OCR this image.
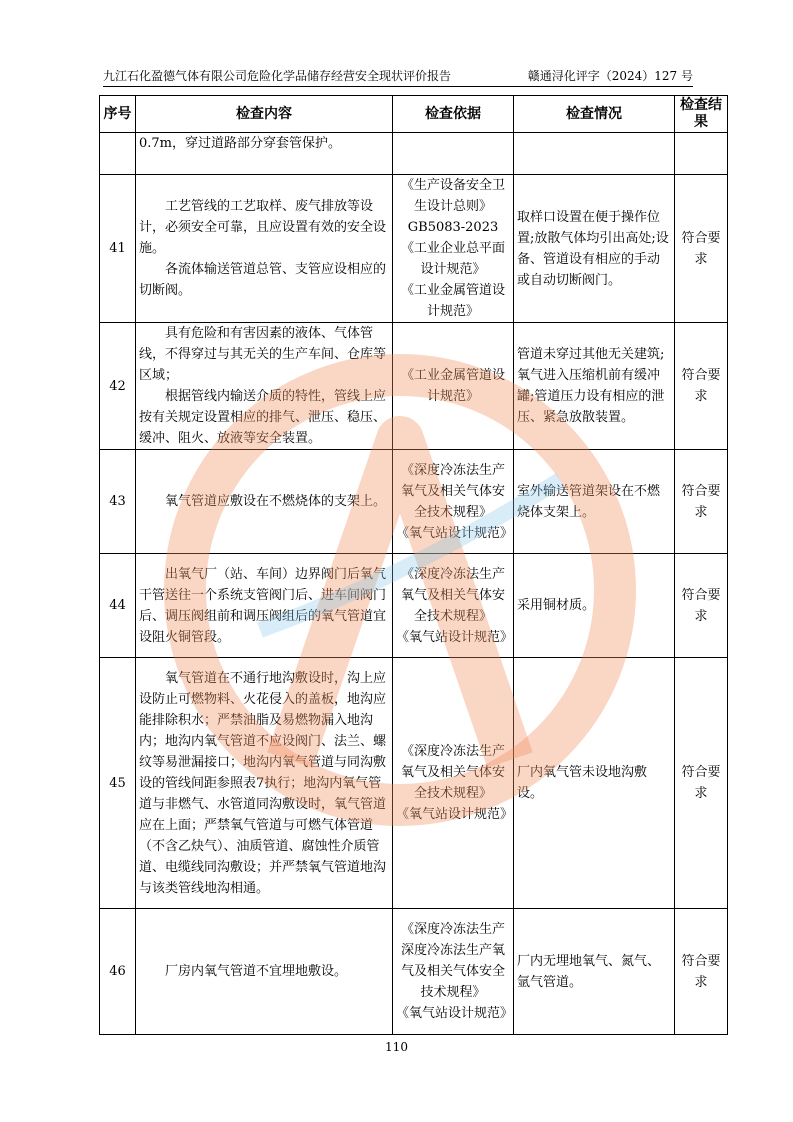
九江石化盈德气体有限公司危险化学品储存经营安全现状评价报告	赣通浔化评字（2024）127 号
序号	检查内容	检查依据	检查情况	检查结果

	0.7m，穿过道路部分穿套管保护。			

41	工艺管线的工艺取样、废气排放等设计，必须安全可靠，且应设置有效的安全设施。
各流体输送管道总管、支管应设相应的切断阀。	《生产设备安全卫生设计总则》
GB5083-2023
《工业企业总平面设计规范》
《工业金属管道设计规范》	取样口设置在便于操作位置;放散气体均引出高处;设备、管道设有相应的手动或自动切断阀门。	符合要求
42	具有危险和有害因素的液体、气体管线，不得穿过与其无关的生产车间、仓库等区域；
根据管线内输送介质的特性，管线上应按有关规定设置相应的排气、泄压、稳压、缓冲、阻火、放液等安全装置。	《工业金属管道设计规范》	管道未穿过其他无关建筑;氧气进入压缩机前有缓冲罐;管道压力设有相应的泄压、紧急放散装置。	符合要求
43	氧气管道应敷设在不燃烧体的支架上。	《深度冷冻法生产氧气及相关气体安全技术规程》
《氧气站设计规范》	室外输送管道架设在不燃烧体支架上。	符合要求
44	出氧气厂（站、车间）边界阀门后氧气干管送往一个系统支管阀门后、进车间阀门后、调压阀组前和调压阀组后的氧气管道宜设阻火铜管段。	《深度冷冻法生产氧气及相关气体安全技术规程》
《氧气站设计规范》	采用铜材质。	符合要求
45	氧气管道在不通行地沟敷设时，沟上应设防止可燃物料、火花侵入的盖板，地沟应能排除积水；严禁油脂及易燃物漏入地沟内；地沟内氧气管道不应设阀门、法兰、螺纹等易泄漏接口；地沟内氧气管道与同沟敷设的管线间距参照表7执行；地沟内氧气管道与非燃气、水管道同沟敷设时，氧气管道应在上面；严禁氧气管道与可燃气体管道（不含乙炔气）、油质管道、腐蚀性介质管道、电缆线同沟敷设；并严禁氧气管道地沟与该类管线地沟相通。	《深度冷冻法生产氧气及相关气体安全技术规程》
《氧气站设计规范》	厂内氧气管未设地沟敷设。	符合要求
46	厂房内氧气管道不宜埋地敷设。	《深度冷冻法生产深度冷冻法生产氧气及相关气体安全技术规程》
《氧气站设计规范》	厂内无埋地氧气、氮气、氩气管道。	符合要求
110
